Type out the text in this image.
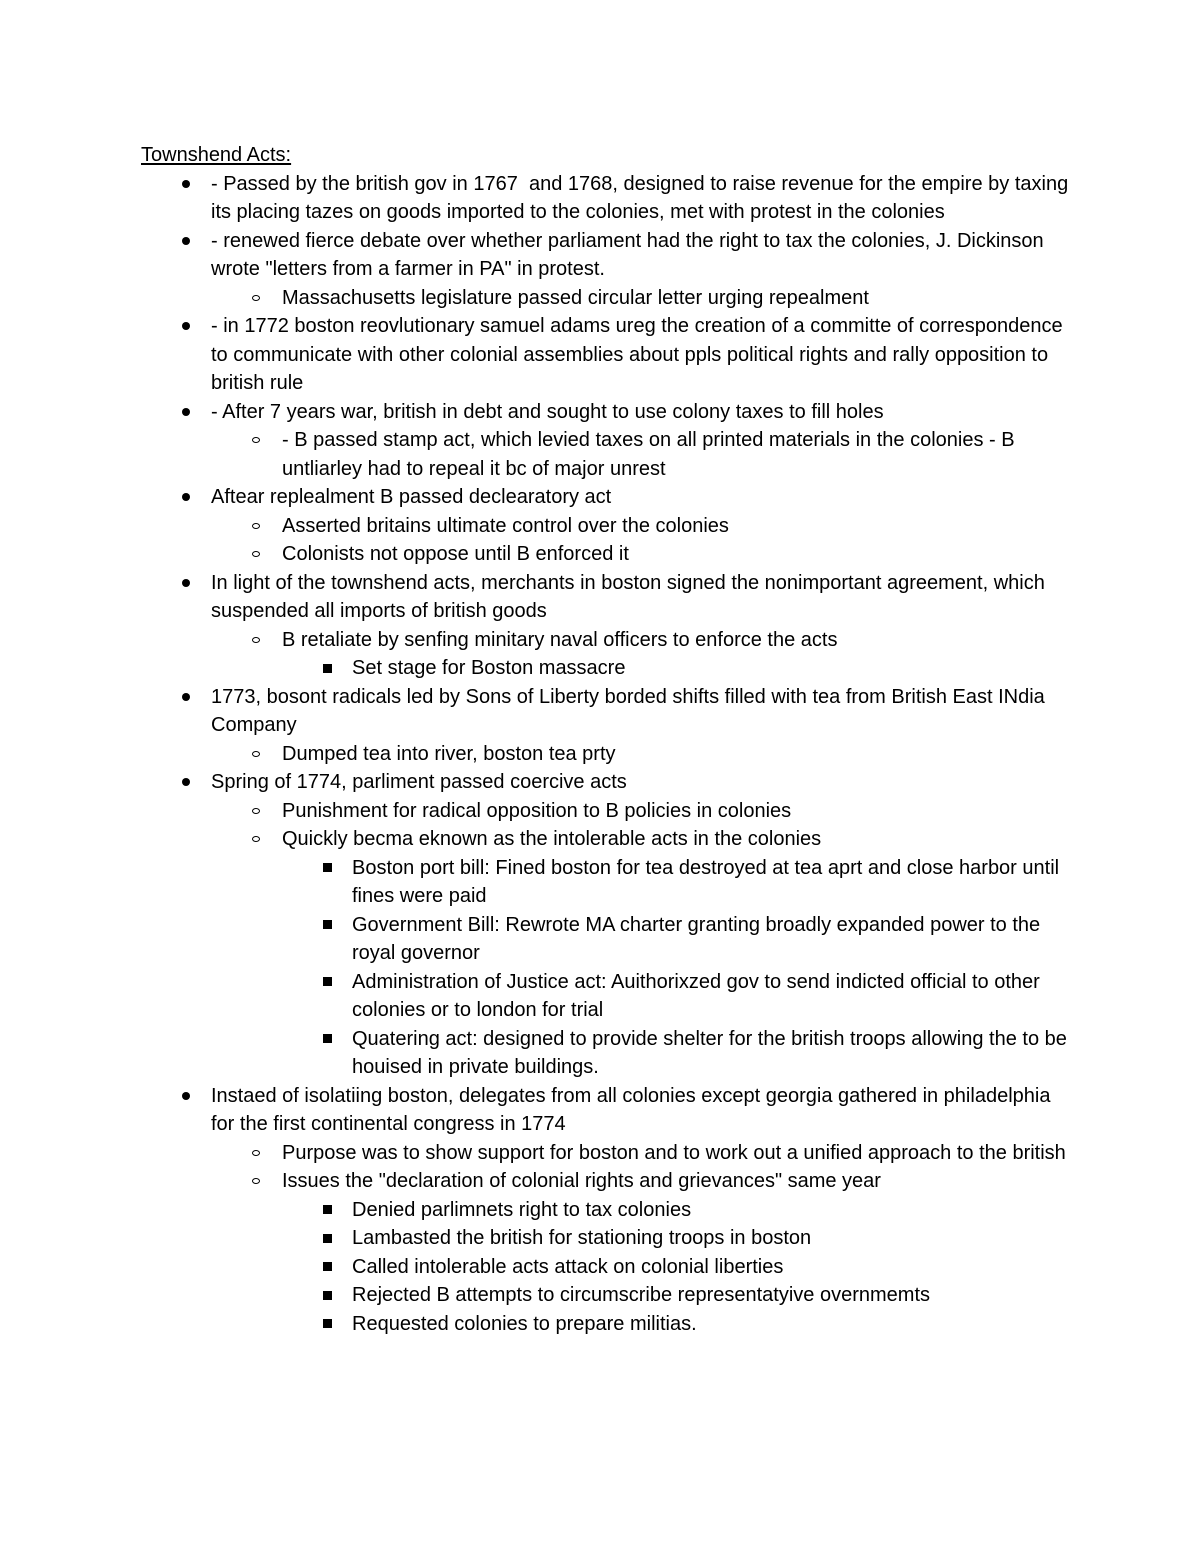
Townshend Acts:

- Passed by the british gov in 1767  and 1768, designed to raise revenue for the empire by taxing its placing tazes on goods imported to the colonies, met with protest in the colonies
- renewed fierce debate over whether parliament had the right to tax the colonies, J. Dickinson wrote "letters from a farmer in PA" in protest.
Massachusetts legislature passed circular letter urging repealment
- in 1772 boston reovlutionary samuel adams ureg the creation of a committe of correspondence to communicate with other colonial assemblies about ppls political rights and rally opposition to british rule
- After 7 years war, british in debt and sought to use colony taxes to fill holes
- B passed stamp act, which levied taxes on all printed materials in the colonies - B untliarley had to repeal it bc of major unrest
Aftear replealment B passed declearatory act
Asserted britains ultimate control over the colonies
Colonists not oppose until B enforced it
In light of the townshend acts, merchants in boston signed the nonimportant agreement, which suspended all imports of british goods
B retaliate by senfing minitary naval officers to enforce the acts
Set stage for Boston massacre
1773, bosont radicals led by Sons of Liberty borded shifts filled with tea from British East INdia Company
Dumped tea into river, boston tea prty
Spring of 1774, parliment passed coercive acts
Punishment for radical opposition to B policies in colonies
Quickly becma eknown as the intolerable acts in the colonies
Boston port bill: Fined boston for tea destroyed at tea aprt and close harbor until fines were paid
Government Bill: Rewrote MA charter granting broadly expanded power to the royal governor
Administration of Justice act: Auithorixzed gov to send indicted official to other colonies or to london for trial
Quatering act: designed to provide shelter for the british troops allowing the to be houised in private buildings.
Instaed of isolatiing boston, delegates from all colonies except georgia gathered in philadelphia for the first continental congress in 1774
Purpose was to show support for boston and to work out a unified approach to the british
Issues the "declaration of colonial rights and grievances" same year
Denied parlimnets right to tax colonies
Lambasted the british for stationing troops in boston
Called intolerable acts attack on colonial liberties
Rejected B attempts to circumscribe representatyive overnmemts
Requested colonies to prepare militias.
